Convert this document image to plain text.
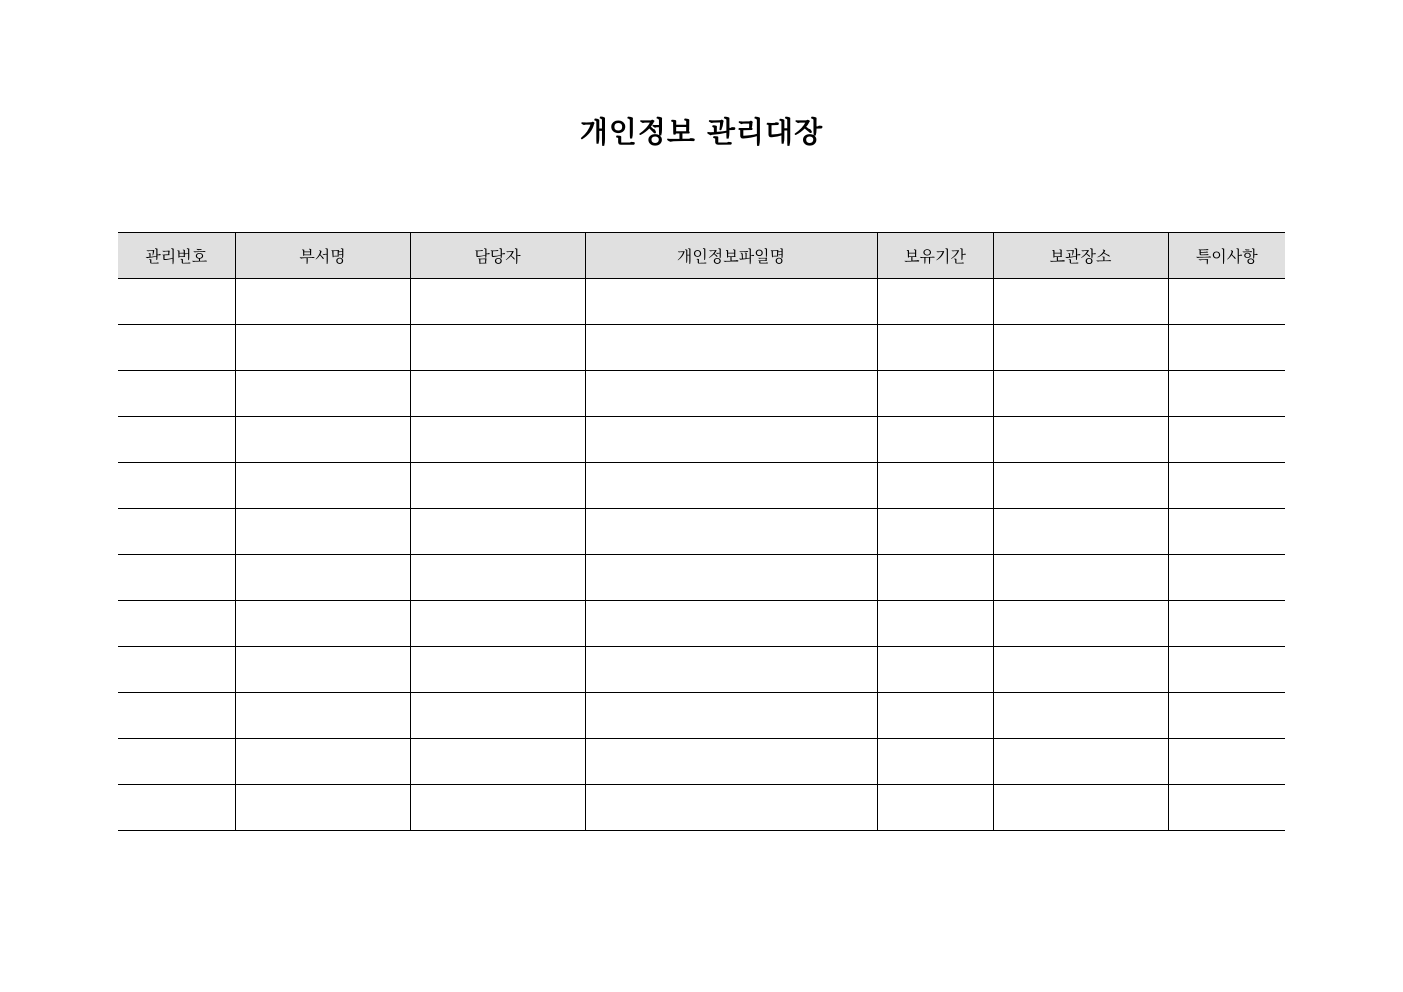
개인정보 관리대장
관리번호	부서명	담당자	개인정보파일명	보유기간	보관장소	특이사항
